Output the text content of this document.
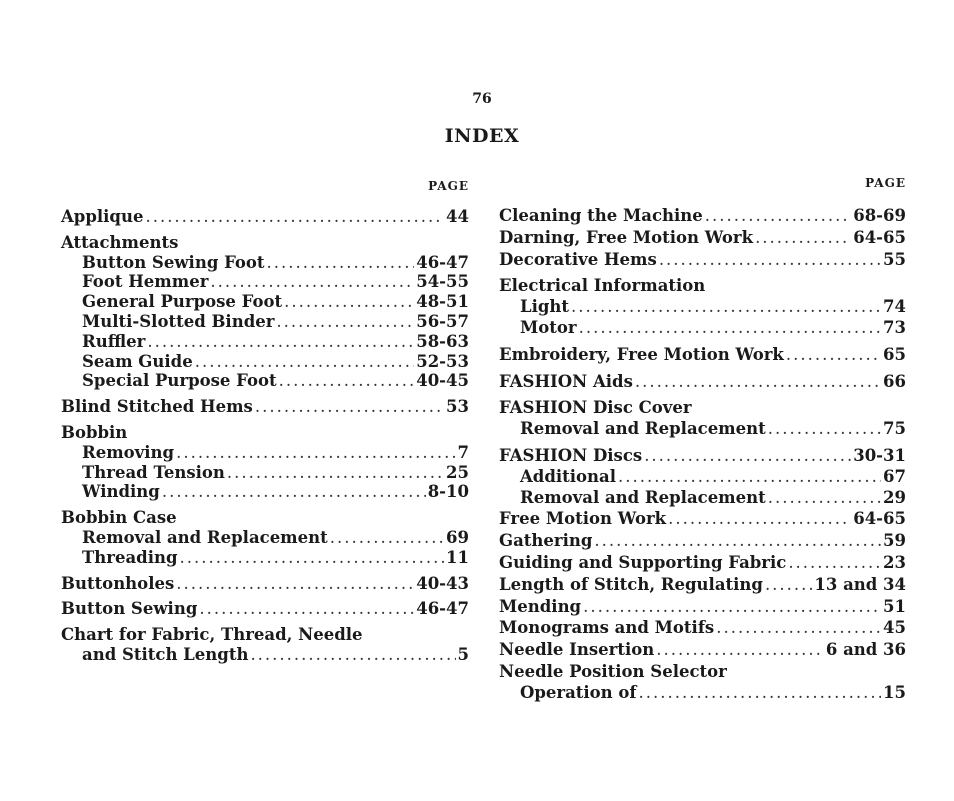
76
INDEX
PAGE
Applique .....	44
Attachments
Button Sewing Foot .....	46-47
Foot Hemmer .....	54-55
General Purpose Foot .....	48-51
Multi-Slotted Binder .....	56-57
Ruffler .....	58-63
Seam Guide .....	52-53
Special Purpose Foot .....	40-45
Blind Stitched Hems .....	53
Bobbin
Removing .....	7
Thread Tension .....	25
Winding .....	8-10
Bobbin Case
Removal and Replacement .....	69
Threading .....	11
Buttonholes .....	40-43
Button Sewing .....	46-47
Chart for Fabric, Thread, Needle
and Stitch Length .....	5
PAGE
Cleaning the Machine .....	68-69
Darning, Free Motion Work .....	64-65
Decorative Hems .....	55
Electrical Information
Light .....	74
Motor .....	73
Embroidery, Free Motion Work .....	65
FASHION Aids .....	66
FASHION Disc Cover
Removal and Replacement .....	75
FASHION Discs .....	30-31
Additional .....	67
Removal and Replacement .....	29
Free Motion Work .....	64-65
Gathering .....	59
Guiding and Supporting Fabric .....	23
Length of Stitch, Regulating .....	13 and 34
Mending .....	51
Monograms and Motifs .....	45
Needle Insertion .....	6 and 36
Needle Position Selector
Operation of .....	15
